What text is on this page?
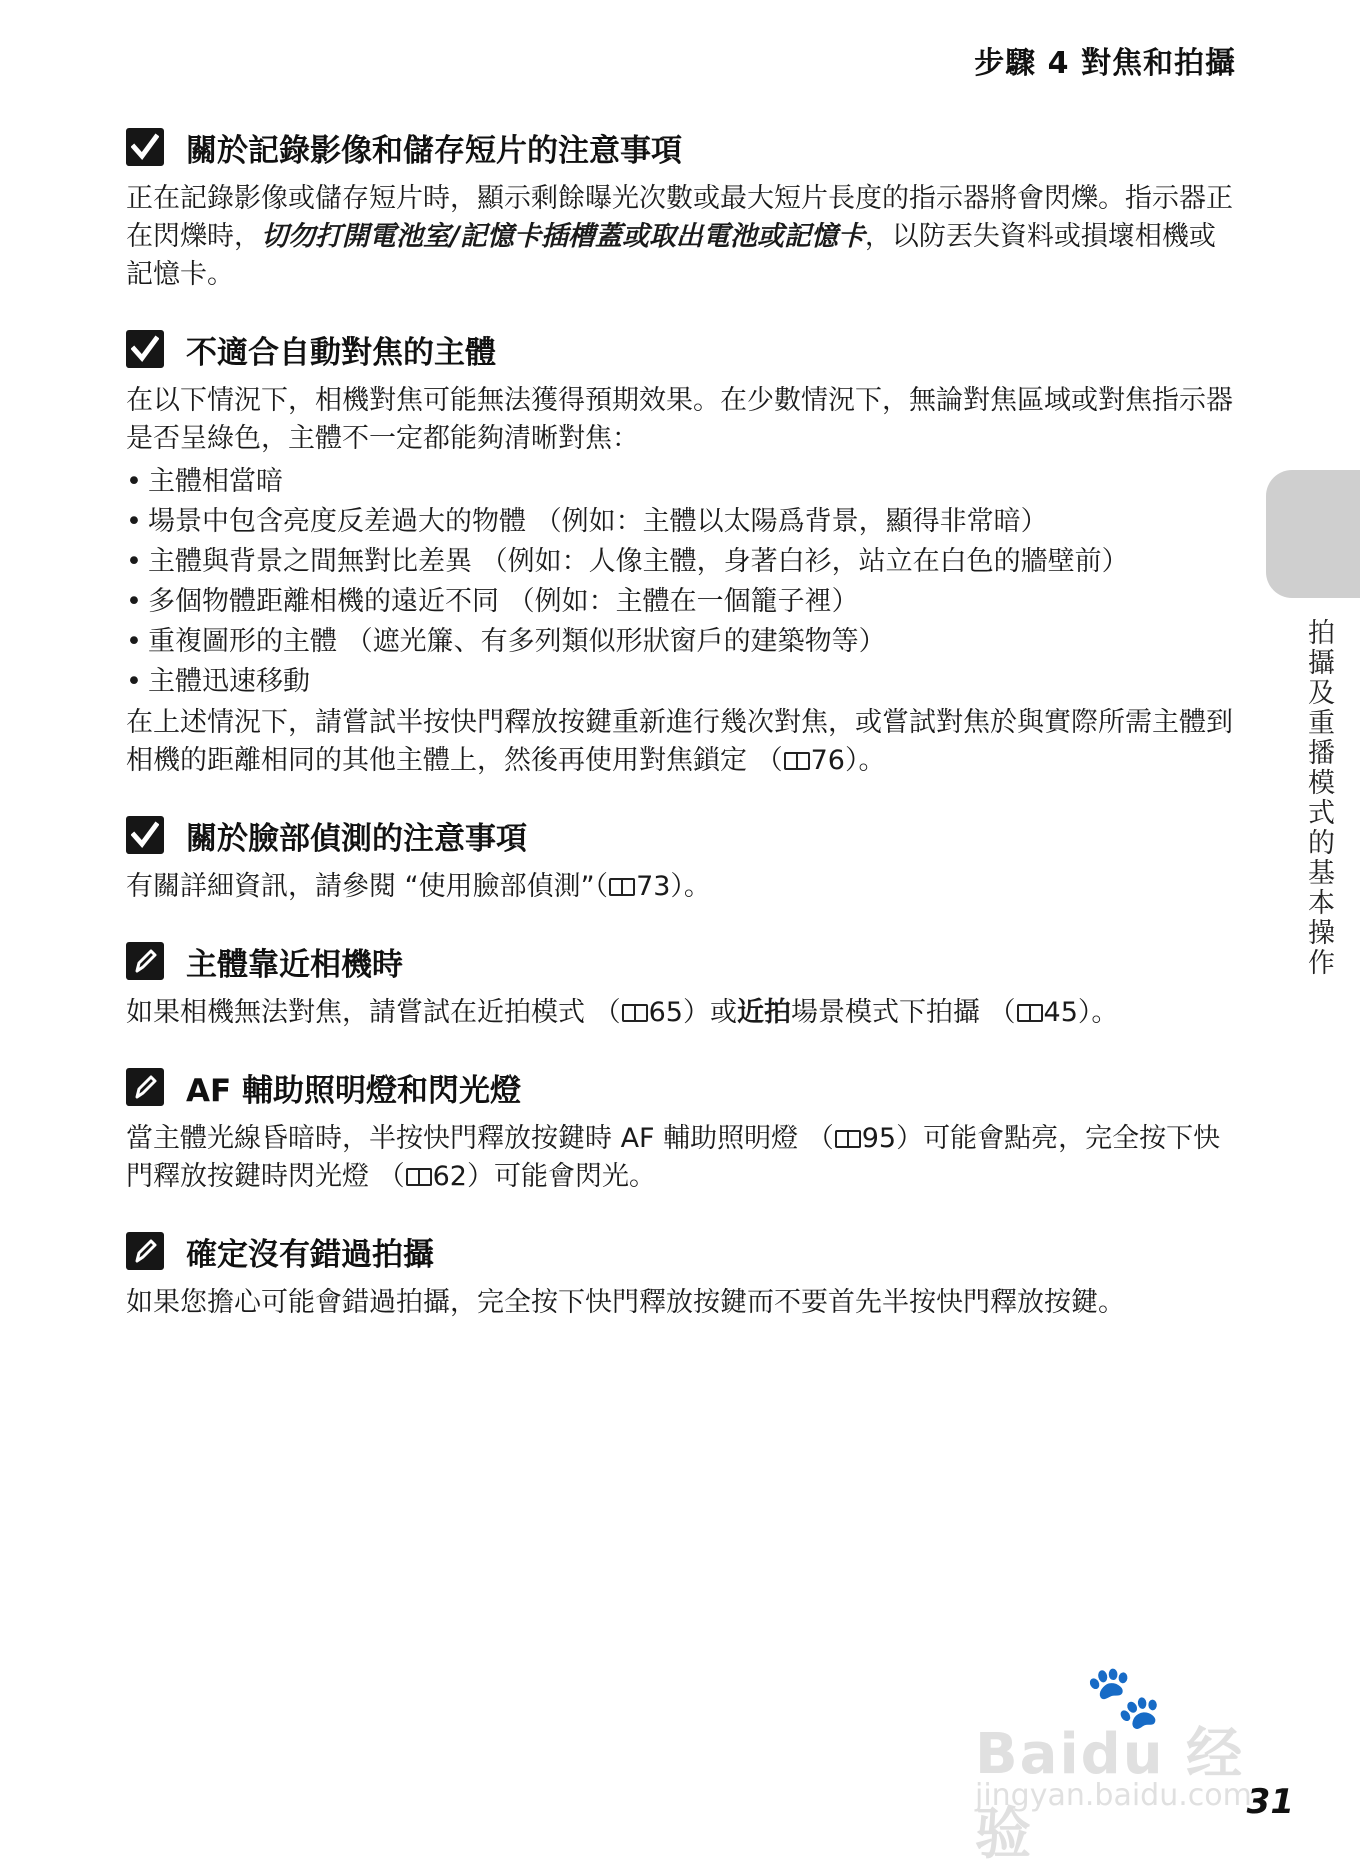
步驟 4 對焦和拍攝
關於記錄影像和儲存短片的注意事項

正在記錄影像或儲存短片時，顯示剩餘曝光次數或最大短片長度的指示器將會閃爍。指示器正在閃爍時，切勿打開電池室/記憶卡插槽蓋或取出電池或記憶卡，以防丟失資料或損壞相機或記憶卡。

不適合自動對焦的主體

在以下情況下，相機對焦可能無法獲得預期效果。在少數情況下，無論對焦區域或對焦指示器是否呈綠色，主體不一定都能夠清晰對焦：

• 主體相當暗
• 場景中包含亮度反差過大的物體 （例如：主體以太陽爲背景，顯得非常暗）
• 主體與背景之間無對比差異 （例如：人像主體，身著白衫，站立在白色的牆壁前）
• 多個物體距離相機的遠近不同 （例如：主體在一個籠子裡）
• 重複圖形的主體 （遮光簾、有多列類似形狀窗戶的建築物等）
• 主體迅速移動

在上述情況下，請嘗試半按快門釋放按鍵重新進行幾次對焦，或嘗試對焦於與實際所需主體到相機的距離相同的其他主體上，然後再使用對焦鎖定 （ 76）。

關於臉部偵測的注意事項

有關詳細資訊，請參閱 “使用臉部偵測”（ 73）。

主體靠近相機時

如果相機無法對焦，請嘗試在近拍模式 （ 65）或近拍場景模式下拍攝 （ 45）。

AF 輔助照明燈和閃光燈

當主體光線昏暗時，半按快門釋放按鍵時 AF 輔助照明燈 （ 95）可能會點亮，完全按下快門釋放按鍵時閃光燈 （ 62）可能會閃光。

確定沒有錯過拍攝

如果您擔心可能會錯過拍攝，完全按下快門釋放按鍵而不要首先半按快門釋放按鍵。

拍攝及重播模式的基本操作
🐾
Baidu 经验
jingyan.baidu.com
31
